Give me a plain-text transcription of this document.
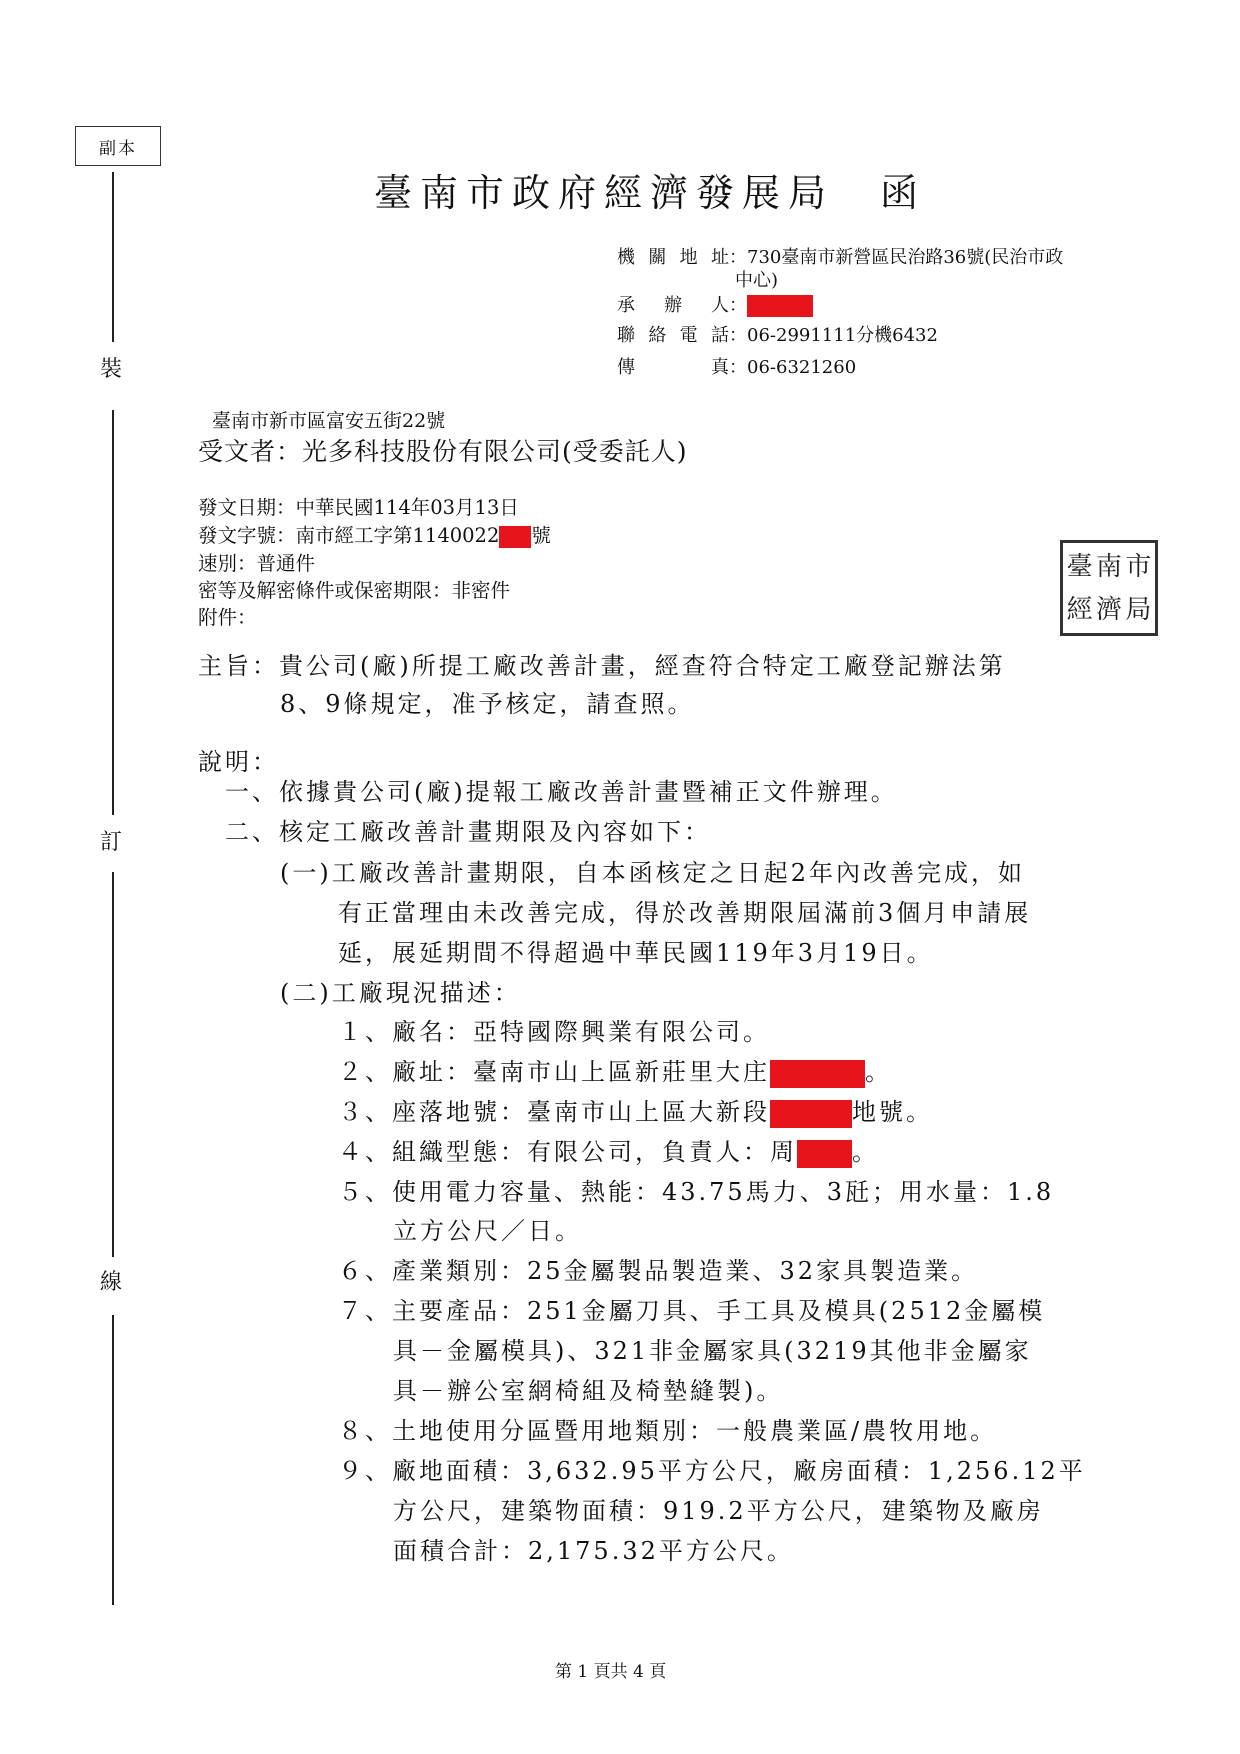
副本
裝
訂
線
臺南市政府經濟發展局　函
機關地址：730臺南市新營區民治路36號(民治市政
中心)
承辦人：
聯絡電話：06-2991111分機6432
傳真：06-6321260
臺南市新市區富安五街22號
受文者：光多科技股份有限公司(受委託人)
發文日期：中華民國114年03月13日
發文字號：南市經工字第1140022 號
速別：普通件
密等及解密條件或保密期限：非密件
附件：
臺 南 市
經 濟 局
主旨：貴公司(廠)所提工廠改善計畫，經查符合特定工廠登記辦法第
8、9條規定，准予核定，請查照。
說明：
一、依據貴公司(廠)提報工廠改善計畫暨補正文件辦理。
二、核定工廠改善計畫期限及內容如下：
(一)工廠改善計畫期限，自本函核定之日起2年內改善完成，如
有正當理由未改善完成，得於改善期限屆滿前3個月申請展
延，展延期間不得超過中華民國119年3月19日。
(二)工廠現況描述：
１、廠名：亞特國際興業有限公司。
２、廠址：臺南市山上區新莊里大庄	。
３、座落地號：臺南市山上區大新段	地號。
４、組織型態：有限公司，負責人：周 。
５、使用電力容量、熱能：43.75馬力、3瓩；用水量：1.8
立方公尺／日。
６、產業類別：25金屬製品製造業、32家具製造業。
７、主要產品：251金屬刀具、手工具及模具(2512金屬模
具－金屬模具)、321非金屬家具(3219其他非金屬家
具－辦公室網椅組及椅墊縫製)。
８、土地使用分區暨用地類別：一般農業區/農牧用地。
９、廠地面積：3,632.95平方公尺，廠房面積：1,256.12平
方公尺，建築物面積：919.2平方公尺，建築物及廠房
面積合計：2,175.32平方公尺。
第 1 頁共 4 頁
